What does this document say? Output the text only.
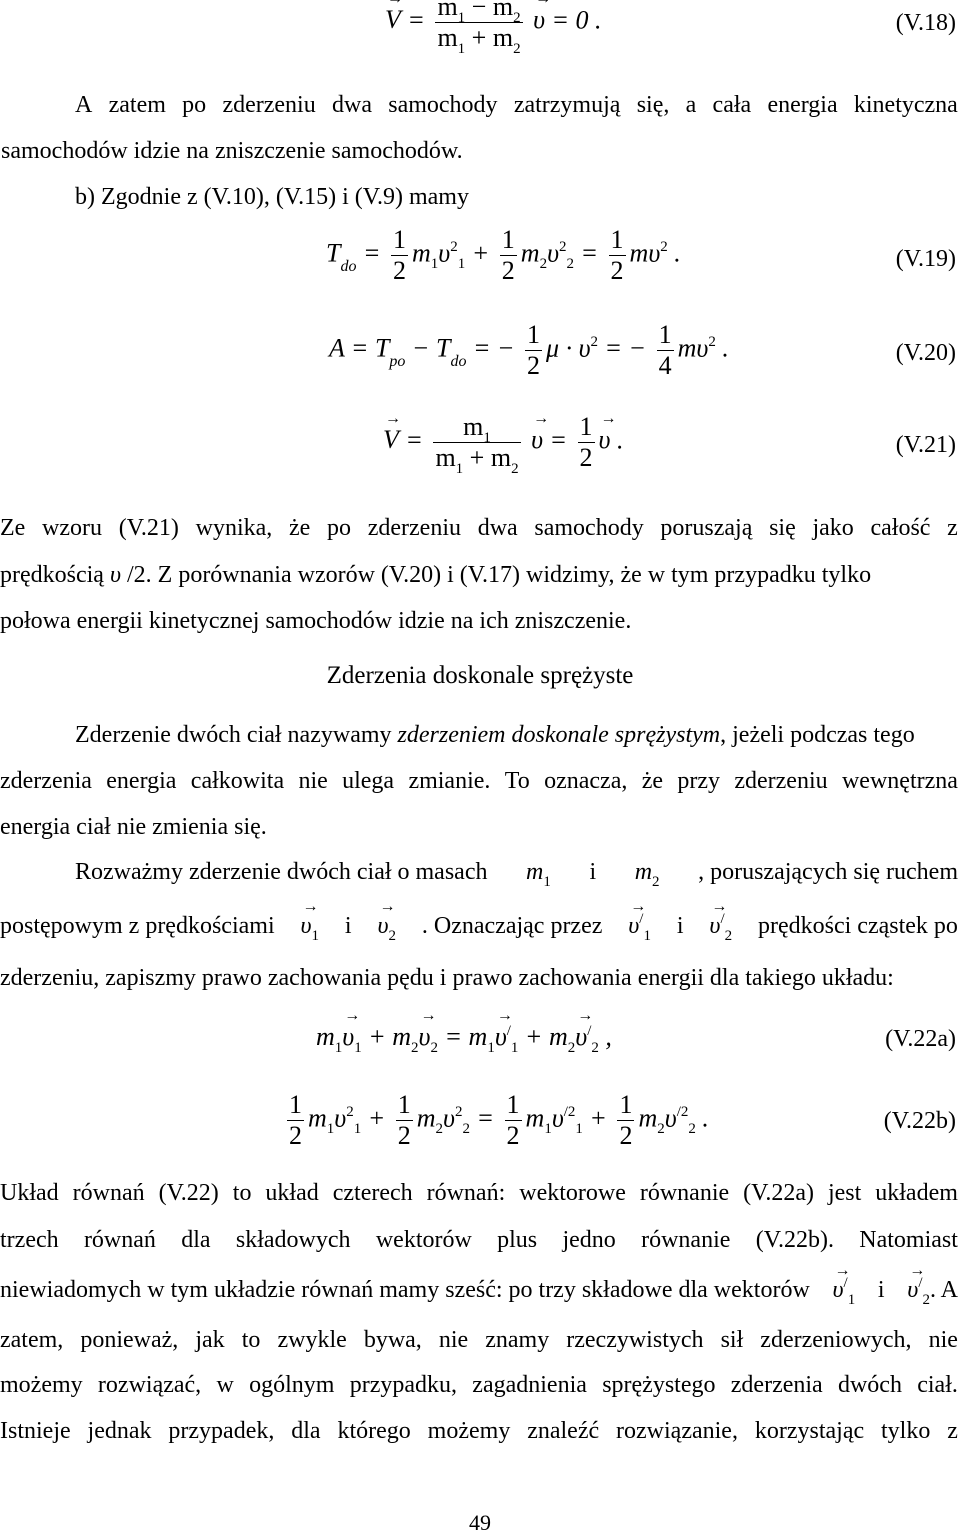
→ $V = \frac{m_1 - m_2}{m_1 + m_2}$
→ υ = 0 .	(V.18)
A zatem po zderzeniu dwa samochody zatrzymują się, a cała energia kinetyczna
samochodów idzie na zniszczenie samochodów.
b) Zgodnie z (V.10), (V.15) i (V.9) mamy
$T_{do} = \frac{1}{2} m_1\upsilon^2_1 + \frac{1}{2} m_2\upsilon^2_2 = \frac{1}{2} m\upsilon^2$ .	(V.19)
$A = T_{po} - T_{do}$ = − $\frac{1}{2}$ $\mu \cdot \upsilon^2$ = − $\frac{1}{4} m\upsilon^2$ .	(V.20)
→ $V = \frac{m_1}{m_1 + m_2}$
→ $\upsilon = \frac{1}{2}$
→ υ .	(V.21)
Ze wzoru (V.21) wynika, że po zderzeniu dwa samochody poruszają się jako całość z
prędkością υ /2. Z porównania wzorów (V.20) i (V.17) widzimy, że w tym przypadku tylko
połowa energii kinetycznej samochodów idzie na ich zniszczenie.
Zderzenia doskonale sprężyste
Zderzenie dwóch ciał nazywamy zderzeniem doskonale sprężystym, jeżeli podczas tego
zderzenia energia całkowita nie ulega zmianie. To oznacza, że przy zderzeniu wewnętrzna
energia ciał nie zmienia się.
Rozważmy zderzenie dwóch ciał o masach $m_1$ i $m_2$ , poruszających się ruchem
postępowym z prędkościami
→ $\upsilon_1$ i
→ $\upsilon_2$ . Oznaczając przez
→ $\upsilon^/_1$ i
→ $\upsilon^/_2$ prędkości cząstek po
zderzeniu, zapiszmy prawo zachowania pędu i prawo zachowania energii dla takiego układu:
$m_1\to \upsilon_1 + m_2\to \upsilon_2 = m_1\to \upsilon^/_1 + m_2\to \upsilon^/_2$ ,	(V.22a)
$\frac{1}{2} m_1\upsilon^2_1 + \frac{1}{2} m_2\upsilon^2_2 = \frac{1}{2} m_1\upsilon^{/2}_1 + \frac{1}{2} m_2\upsilon^{/2}_2$ .	(V.22b)
Układ równań (V.22) to układ czterech równań: wektorowe równanie (V.22a) jest układem
trzech równań dla składowych wektorów plus jedno równanie (V.22b). Natomiast
niewiadomych w tym układzie równań mamy sześć: po trzy składowe dla wektorów
→ $\upsilon^/_1$ i
→ $\upsilon^/_2$. A
zatem, ponieważ, jak to zwykle bywa, nie znamy rzeczywistych sił zderzeniowych, nie
możemy rozwiązać, w ogólnym przypadku, zagadnienia sprężystego zderzenia dwóch ciał.
Istnieje jednak przypadek, dla którego możemy znaleźć rozwiązanie, korzystając tylko z
49
